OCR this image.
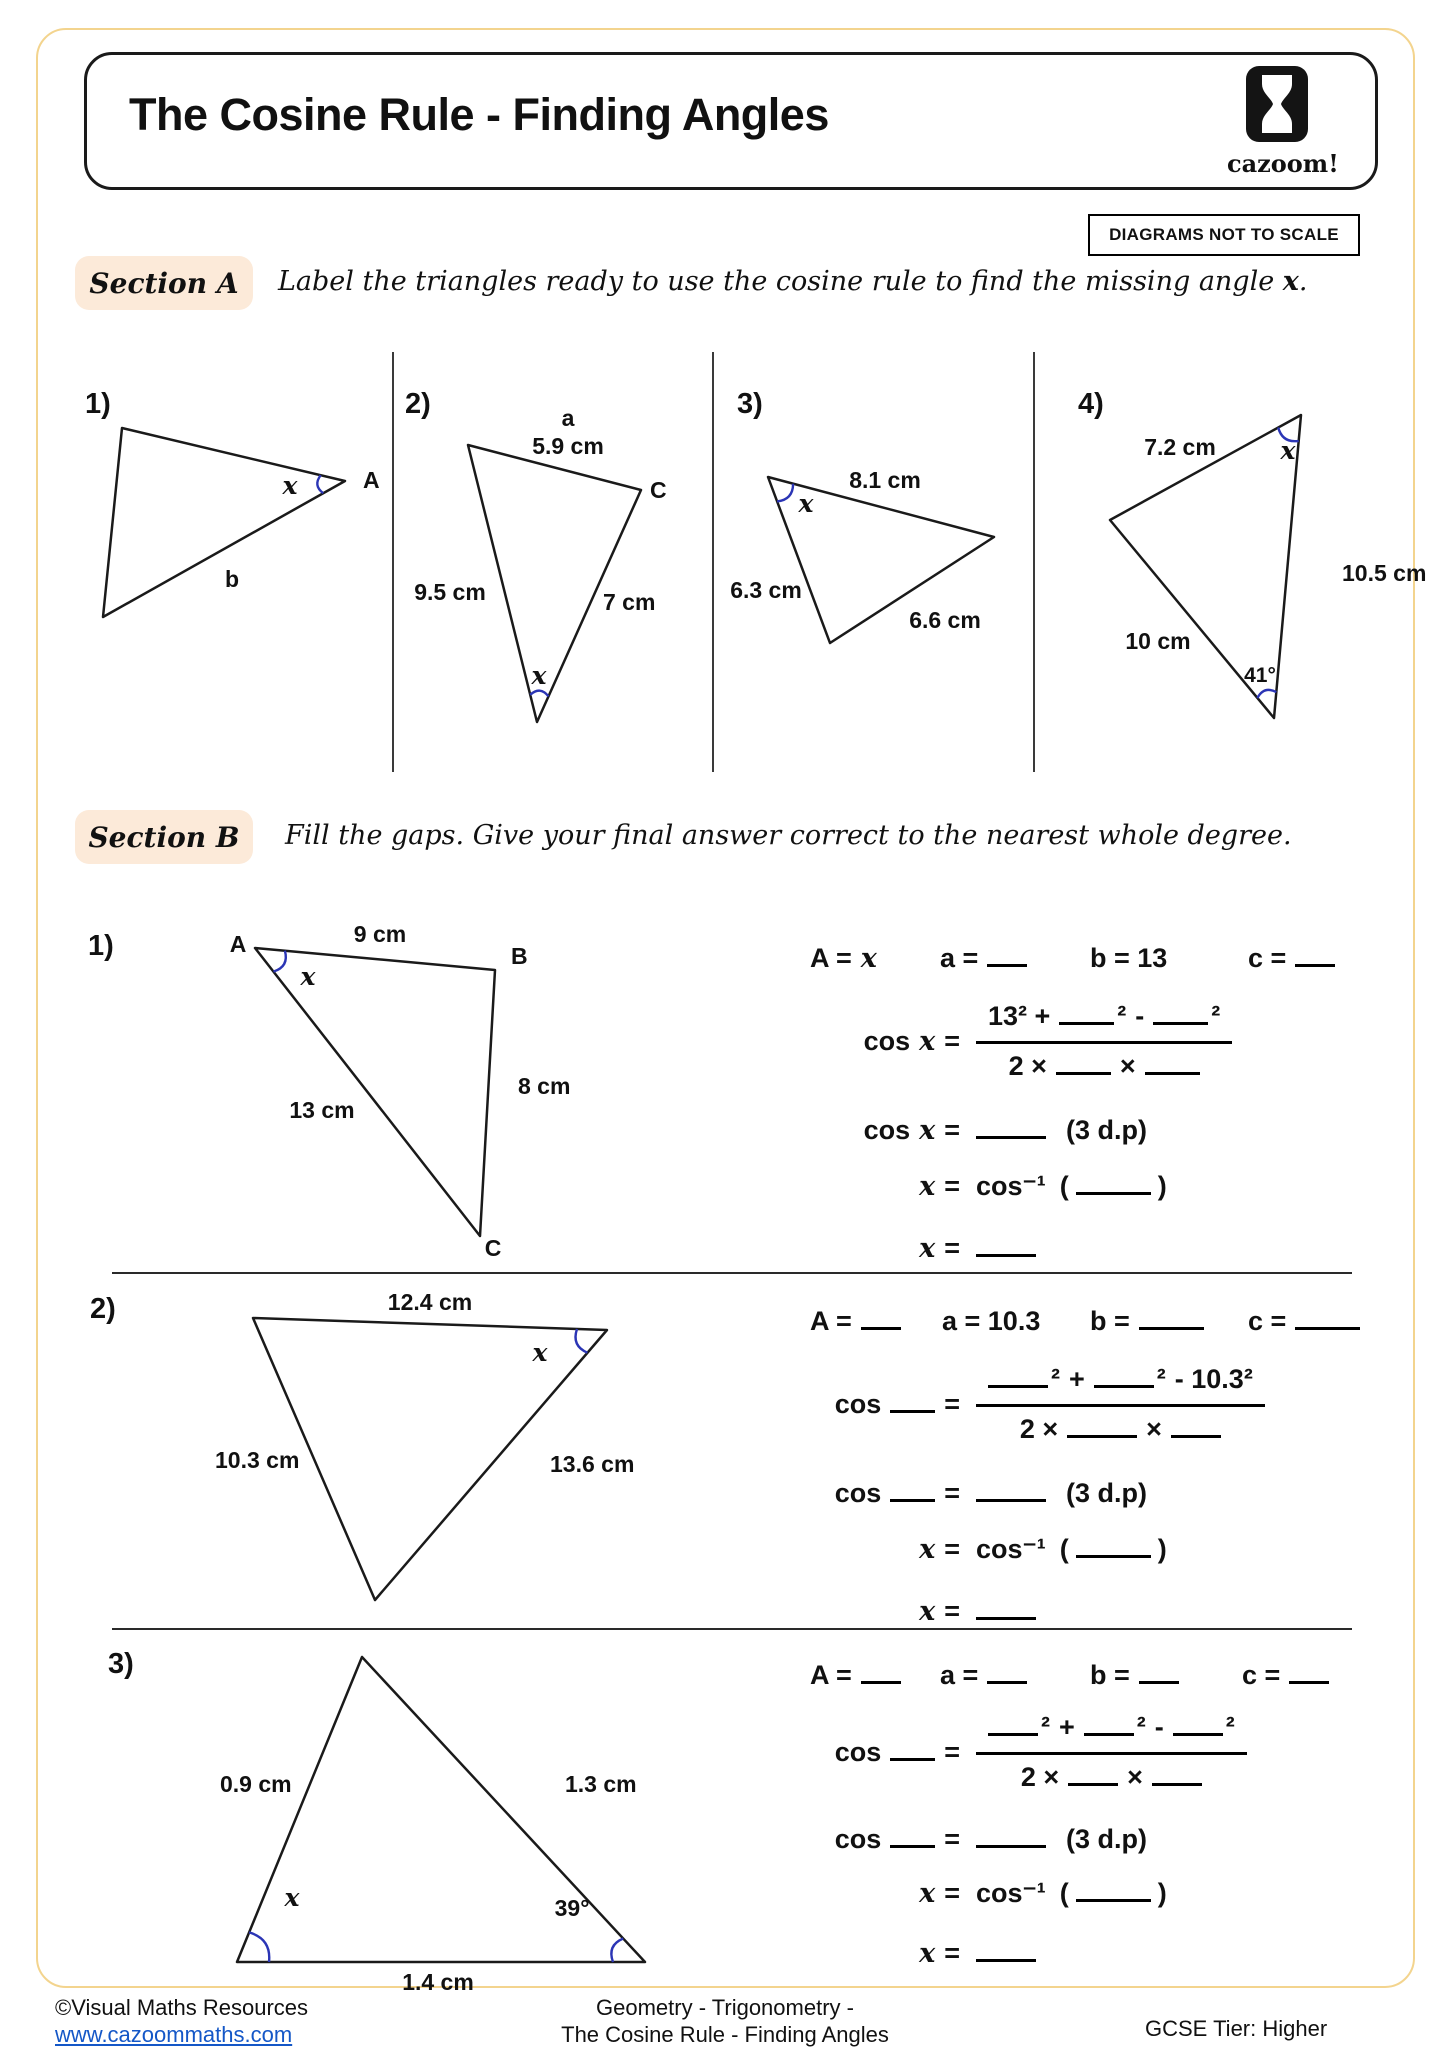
The Cosine Rule - Finding Angles
cazoom!
DIAGRAMS NOT TO SCALE
Section A	Label the triangles ready to use the cosine rule to find the missing angle x.
1)	2)	3)	4)
x	A
b
a
5.9 cm
C
9.5 cm	7 cm
x
8.1 cm
x
6.3 cm
6.6 cm
7.2 cm	x
10.5 cm
10 cm
41°
Section B	Fill the gaps. Give your final answer correct to the nearest whole degree.
1)	A	9 cm
B
x
8 cm
13 cm
C
A = x a =	b = 13	c =
cos x =
13² + ² - ²
2 ×	×
cos x =	(3 d.p)
x = cos⁻¹ (	)
x =
2)	12.4 cm
x
10.3 cm	13.6 cm
A =	a = 10.3 b =	c =
cos = ² +	² - 10.3²
2 ×	×
cos =	(3 d.p)
x = cos⁻¹ (	)
x =
3)
0.9 cm	1.3 cm
x	39°
1.4 cm
A =	a =	b =	c =
cos =
² + ² - ²
2 ×	×
cos =	(3 d.p)
x = cos⁻¹ (	)
x =
©Visual Maths Resources
www.cazoommaths.com
Geometry - Trigonometry -
The Cosine Rule - Finding Angles	GCSE Tier: Higher
